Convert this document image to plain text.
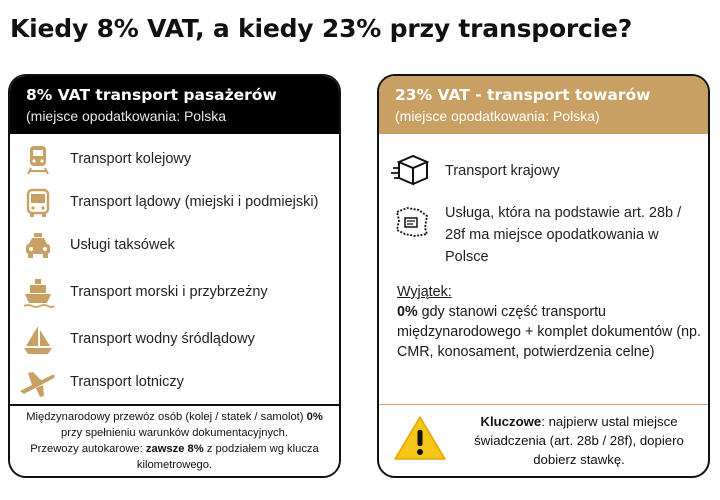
Kiedy 8% VAT, a kiedy 23% przy transporcie?
8% VAT transport pasażerów
(miejsce opodatkowania: Polska
Transport kolejowy
Transport lądowy (miejski i podmiejski)
Usługi taksówek
Transport morski i przybrzeżny
Transport wodny śródlądowy
Transport lotniczy
Międzynarodowy przewóz osób (kolej / statek / samolot) 0%
przy spełnieniu warunków dokumentacyjnych.
Przewozy autokarowe: zawsze 8% z podziałem wg klucza
kilometrowego.
23% VAT - transport towarów
(miejsce opodatkowania: Polska)
Transport krajowy
Usługa, która na podstawie art. 28b / 28f ma miejsce opodatkowania w Polsce
Wyjątek:
0% gdy stanowi część transportu międzynarodowego + komplet dokumentów (np. CMR, konosament, potwierdzenia celne)
Kluczowe: najpierw ustal miejsce świadczenia (art. 28b / 28f), dopiero dobierz stawkę.
